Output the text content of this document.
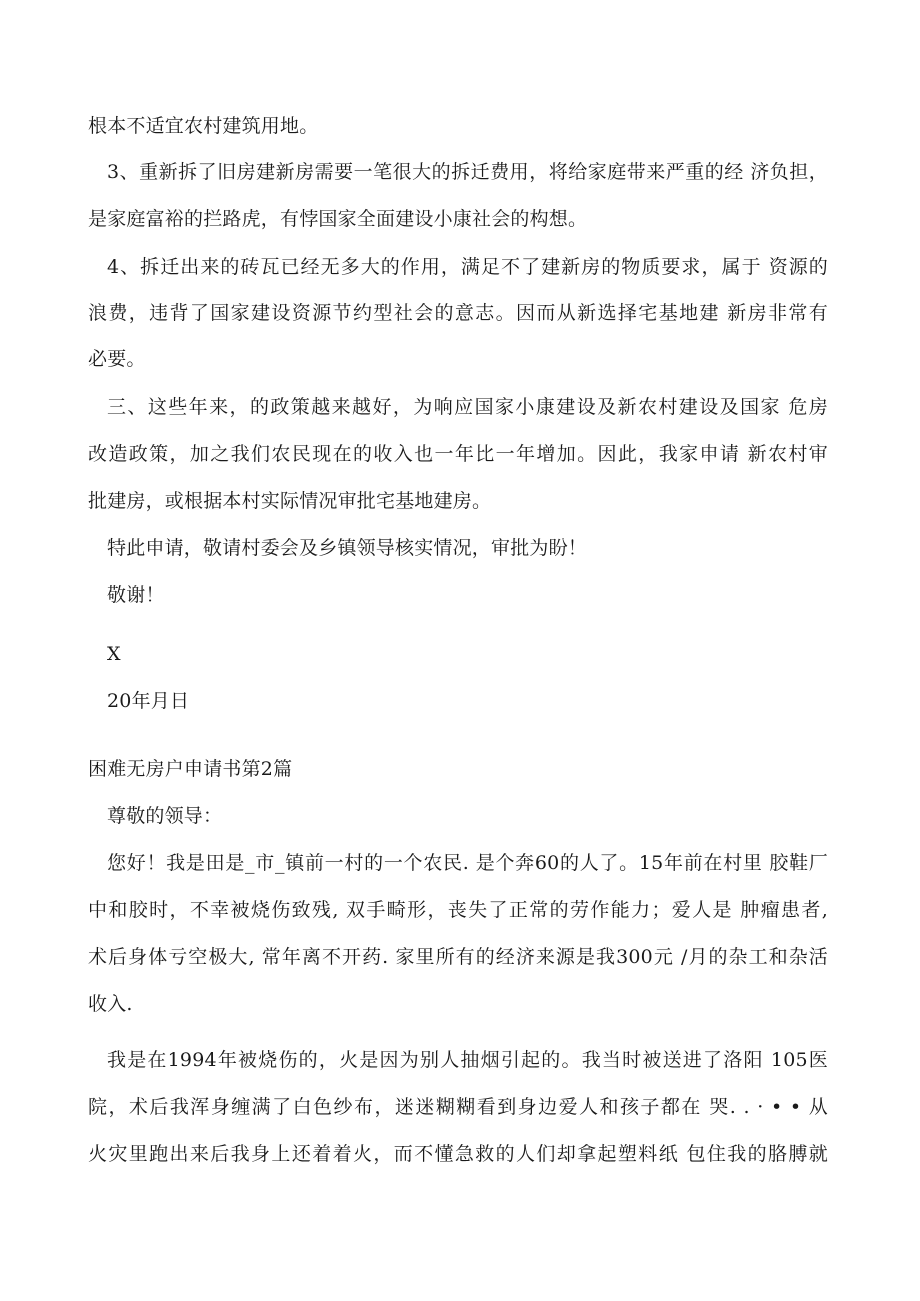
根本不适宜农村建筑用地。
3、重新拆了旧房建新房需要一笔很大的拆迁费用，将给家庭带来严重的经 济负担，
是家庭富裕的拦路虎，有悖国家全面建设小康社会的构想。
4、拆迁出来的砖瓦已经无多大的作用，满足不了建新房的物质要求，属于 资源的
浪费，违背了国家建设资源节约型社会的意志。因而从新选择宅基地建 新房非常有
必要。
三、这些年来，的政策越来越好，为响应国家小康建设及新农村建设及国家 危房
改造政策，加之我们农民现在的收入也一年比一年增加。因此，我家申请 新农村审
批建房，或根据本村实际情况审批宅基地建房。
特此申请，敬请村委会及乡镇领导核实情况，审批为盼！
敬谢！
X
20年月日
困难无房户申请书第2篇
尊敬的领导：
您好！我是田是_市_镇前一村的一个农民. 是个奔60的人了。15年前在村里 胶鞋厂
中和胶时，不幸被烧伤致残, 双手畸形，丧失了正常的劳作能力；爱人是 肿瘤患者,
术后身体亏空极大, 常年离不开药. 家里所有的经济来源是我300元 /月的杂工和杂活
收入.
我是在1994年被烧伤的，火是因为别人抽烟引起的。我当时被送进了洛阳 105医
院，术后我浑身缠满了白色纱布，迷迷糊糊看到身边爱人和孩子都在 哭. . · • • 从
火灾里跑出来后我身上还着着火，而不懂急救的人们却拿起塑料纸 包住我的胳膊就
